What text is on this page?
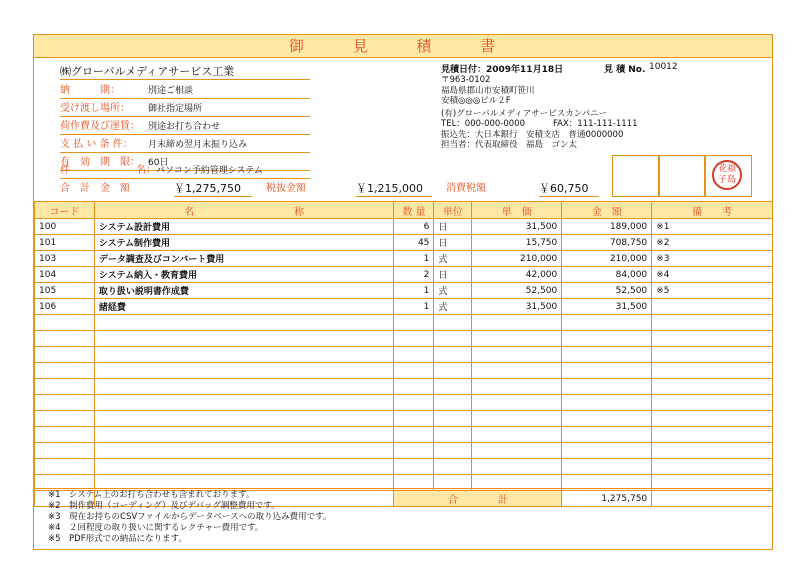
御 見 積 書
㈱グローバルメディアサービス工業
納　　　期：	別途ご相談
受け渡し場所： 御社指定場所
荷作費及び運賃： 別途お打ち合わせ
支 払 い 条 件： 月末締め翌月末振り込み
有　効　期　限： 60日
件	名：パソコン予約管理システム
合　計　金　額	￥1,275,750	税抜金額	￥1,215,000	消費税額	￥60,750
見積日付：2009年11月18日	見 積 No. 10012
〒963-0102
福島県郡山市安積町笹川
安積◎◎◎ビル２F
(有)グローバルメディアサービスカンパニー
TEL：000-000-0000	FAX：111-111-1111
振込先：大日本銀行　安積支店　普通0000000
担当者：代表取締役　福島　ゴン太
花福子島
コード	名　　　　　　　　　　称	数 量	単位	単　価	金　額	備　　考
100	システム設計費用	6	日	31,500	189,000	※1
101	システム制作費用	45	日	15,750	708,750	※2
103	データ調査及びコンバート費用	1	式	210,000	210,000	※3
104	システム納入・教育費用	2	日	42,000	84,000	※4
105	取り扱い説明書作成費	1	式	52,500	52,500	※5
106	諸経費	1	式	31,500	31,500	

		合　　　　計			1,275,750	
※1　システム上のお打ち合わせも含まれております。
※2　制作費用（コーディング）及びデバッグ調整費用です。
※3　現在お持ちのCSVファイルからデータベースへの取り込み費用です。
※4　２回程度の取り扱いに関するレクチャー費用です。
※5　PDF形式での納品になります。
